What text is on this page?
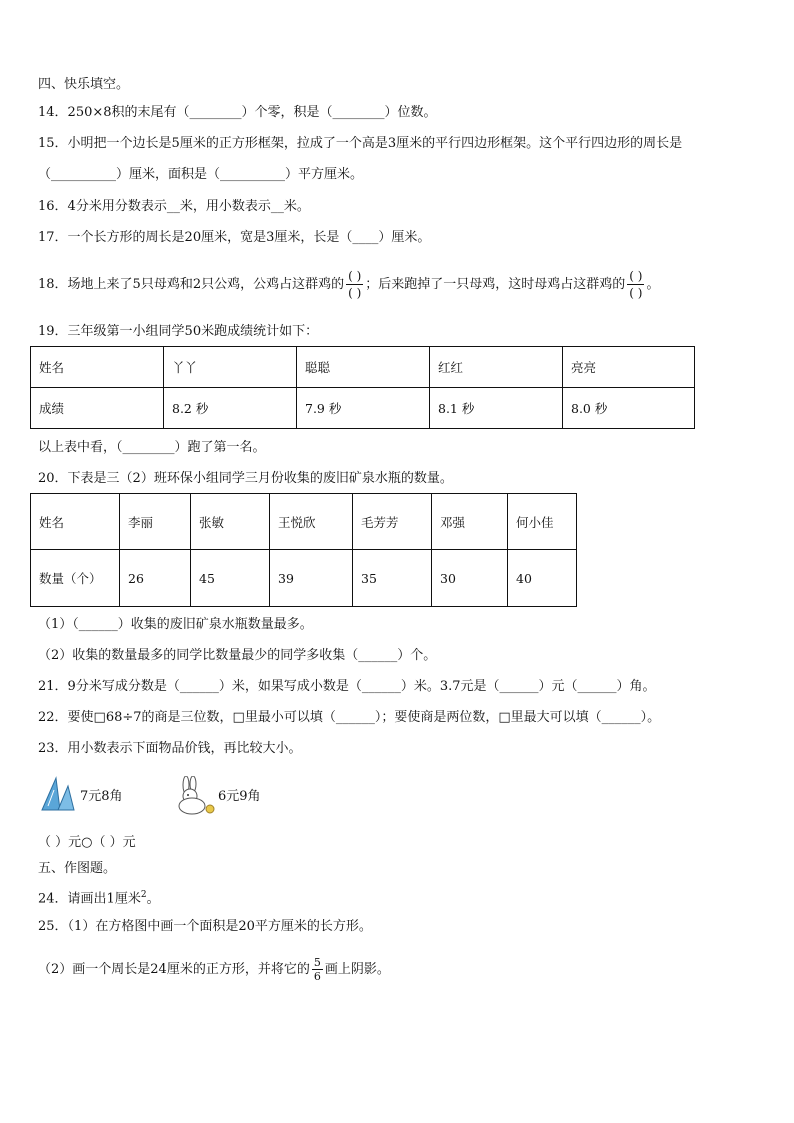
四、快乐填空。
14．250×8积的末尾有（________）个零，积是（________）位数。
15．小明把一个边长是5厘米的正方形框架，拉成了一个高是3厘米的平行四边形框架。这个平行四边形的周长是
（__________）厘米，面积是（__________）平方厘米。
16．4分米用分数表示__米，用小数表示__米。
17．一个长方形的周长是20厘米，宽是3厘米，长是（____）厘米。
18．场地上来了5只母鸡和2只公鸡，公鸡占这群鸡的 $\frac{( )}{( )}$ ；后来跑掉了一只母鸡，这时母鸡占这群鸡的 $\frac{( )}{( )}$ 。
19．三年级第一小组同学50米跑成绩统计如下：
姓名	丫丫	聪聪	红红	亮亮
成绩	8.2 秒	7.9 秒	8.1 秒	8.0 秒
以上表中看，（________）跑了第一名。
20．下表是三（2）班环保小组同学三月份收集的废旧矿泉水瓶的数量。
姓名	李丽	张敏	王悦欣	毛芳芳	邓强	何小佳
数量（个）	26	45	39	35	30	40
（1）（______）收集的废旧矿泉水瓶数量最多。
（2）收集的数量最多的同学比数量最少的同学多收集（______）个。
21．9分米写成分数是（______）米，如果写成小数是（______）米。3.7元是（______）元（______）角。
22．要使□68÷7的商是三位数，□里最小可以填（______）；要使商是两位数，□里最大可以填（______）。
23．用小数表示下面物品价钱，再比较大小。
7元8角	6元9角
（ ）元○（ ）元
五、作图题。
24．请画出1厘米$^2$。
25．（1）在方格图中画一个面积是20平方厘米的长方形。
（2）画一个周长是24厘米的正方形，并将它的 $\frac{5}{6}$ 画上阴影。
